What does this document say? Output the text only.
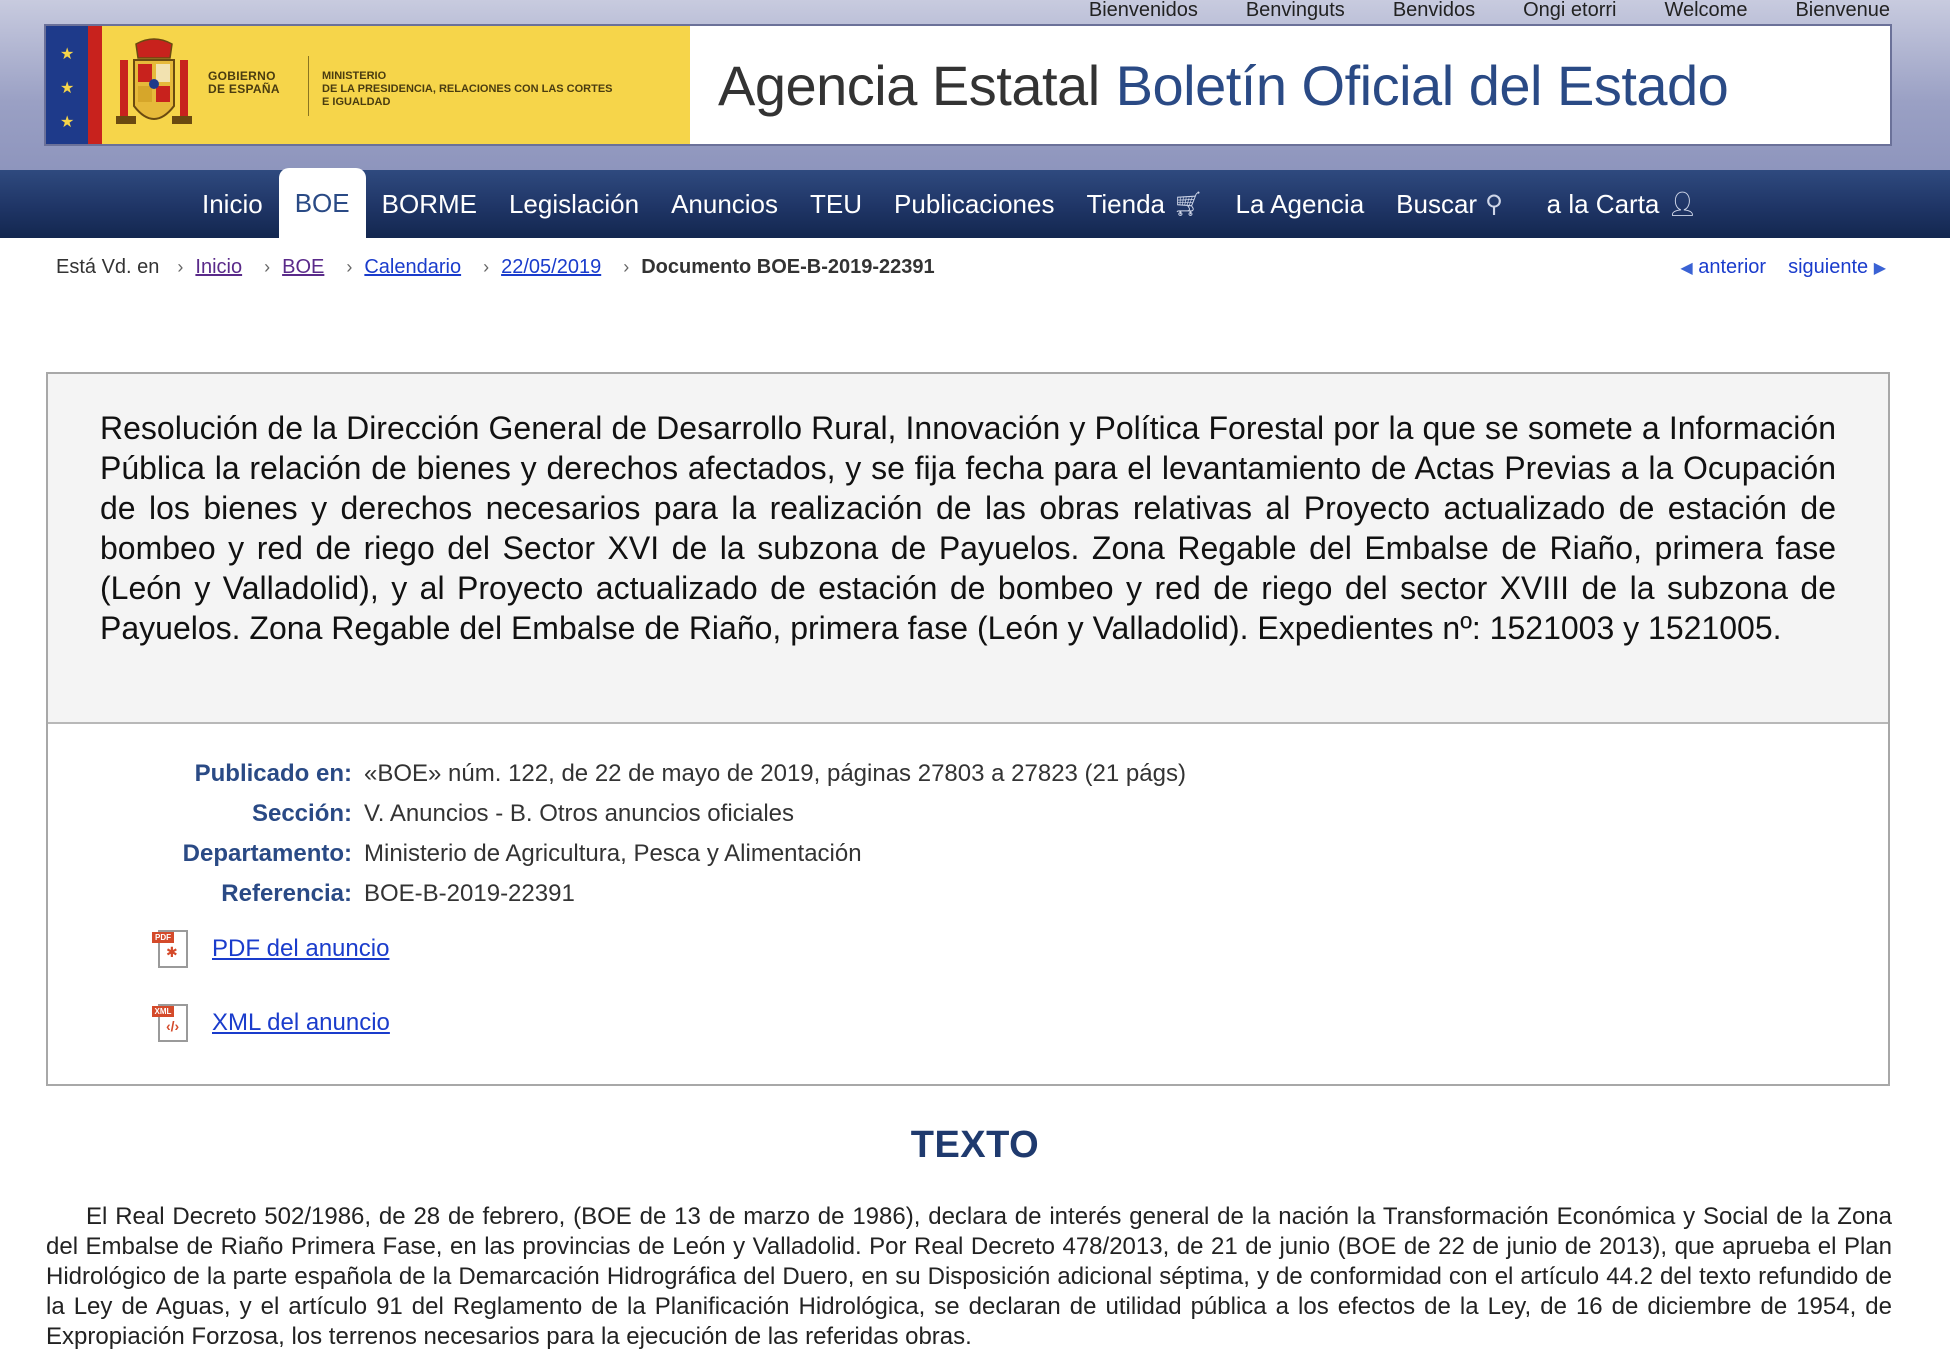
Bienvenidos	Benvinguts	Benvidos	Ongi etorri	Welcome	Bienvenue
★
★
★
GOBIERNO
DE ESPAÑA
MINISTERIO
DE LA PRESIDENCIA, RELACIONES CON LAS CORTES
E IGUALDAD	Agencia Estatal Boletín Oficial del Estado
Inicio BOE BORME Legislación Anuncios TEU Publicaciones Tienda 🛒︎ La Agencia Buscar ⚲ a la Carta 👤︎
Está Vd. en › Inicio › BOE › Calendario › 22/05/2019 › Documento BOE-B-2019-22391	◀ anterior siguiente ▶
Resolución de la Dirección General de Desarrollo Rural, Innovación y Política Forestal por la que se somete a Información Pública la relación de bienes y derechos afectados, y se fija fecha para el levantamiento de Actas Previas a la Ocupación de los bienes y derechos necesarios para la realización de las obras relativas al Proyecto actualizado de estación de bombeo y red de riego del Sector XVI de la subzona de Payuelos. Zona Regable del Embalse de Riaño, primera fase (León y Valladolid), y al Proyecto actualizado de estación de bombeo y red de riego del sector XVIII de la subzona de Payuelos. Zona Regable del Embalse de Riaño, primera fase (León y Valladolid). Expedientes nº: 1521003 y 1521005.
Publicado en: «BOE» núm. 122, de 22 de mayo de 2019, páginas 27803 a 27823 (21 págs)
Sección: V. Anuncios - B. Otros anuncios oficiales
Departamento: Ministerio de Agricultura, Pesca y Alimentación
Referencia: BOE-B-2019-22391
PDF
✱ PDF del anuncio
XML
‹/› XML del anuncio
TEXTO

El Real Decreto 502/1986, de 28 de febrero, (BOE de 13 de marzo de 1986), declara de interés general de la nación la Transformación Económica y Social de la Zona del Embalse de Riaño Primera Fase, en las provincias de León y Valladolid. Por Real Decreto 478/2013, de 21 de junio (BOE de 22 de junio de 2013), que aprueba el Plan Hidrológico de la parte española de la Demarcación Hidrográfica del Duero, en su Disposición adicional séptima, y de conformidad con el artículo 44.2 del texto refundido de la Ley de Aguas, y el artículo 91 del Reglamento de la Planificación Hidrológica, se declaran de utilidad pública a los efectos de la Ley, de 16 de diciembre de 1954, de Expropiación Forzosa, los terrenos necesarios para la ejecución de las referidas obras.
